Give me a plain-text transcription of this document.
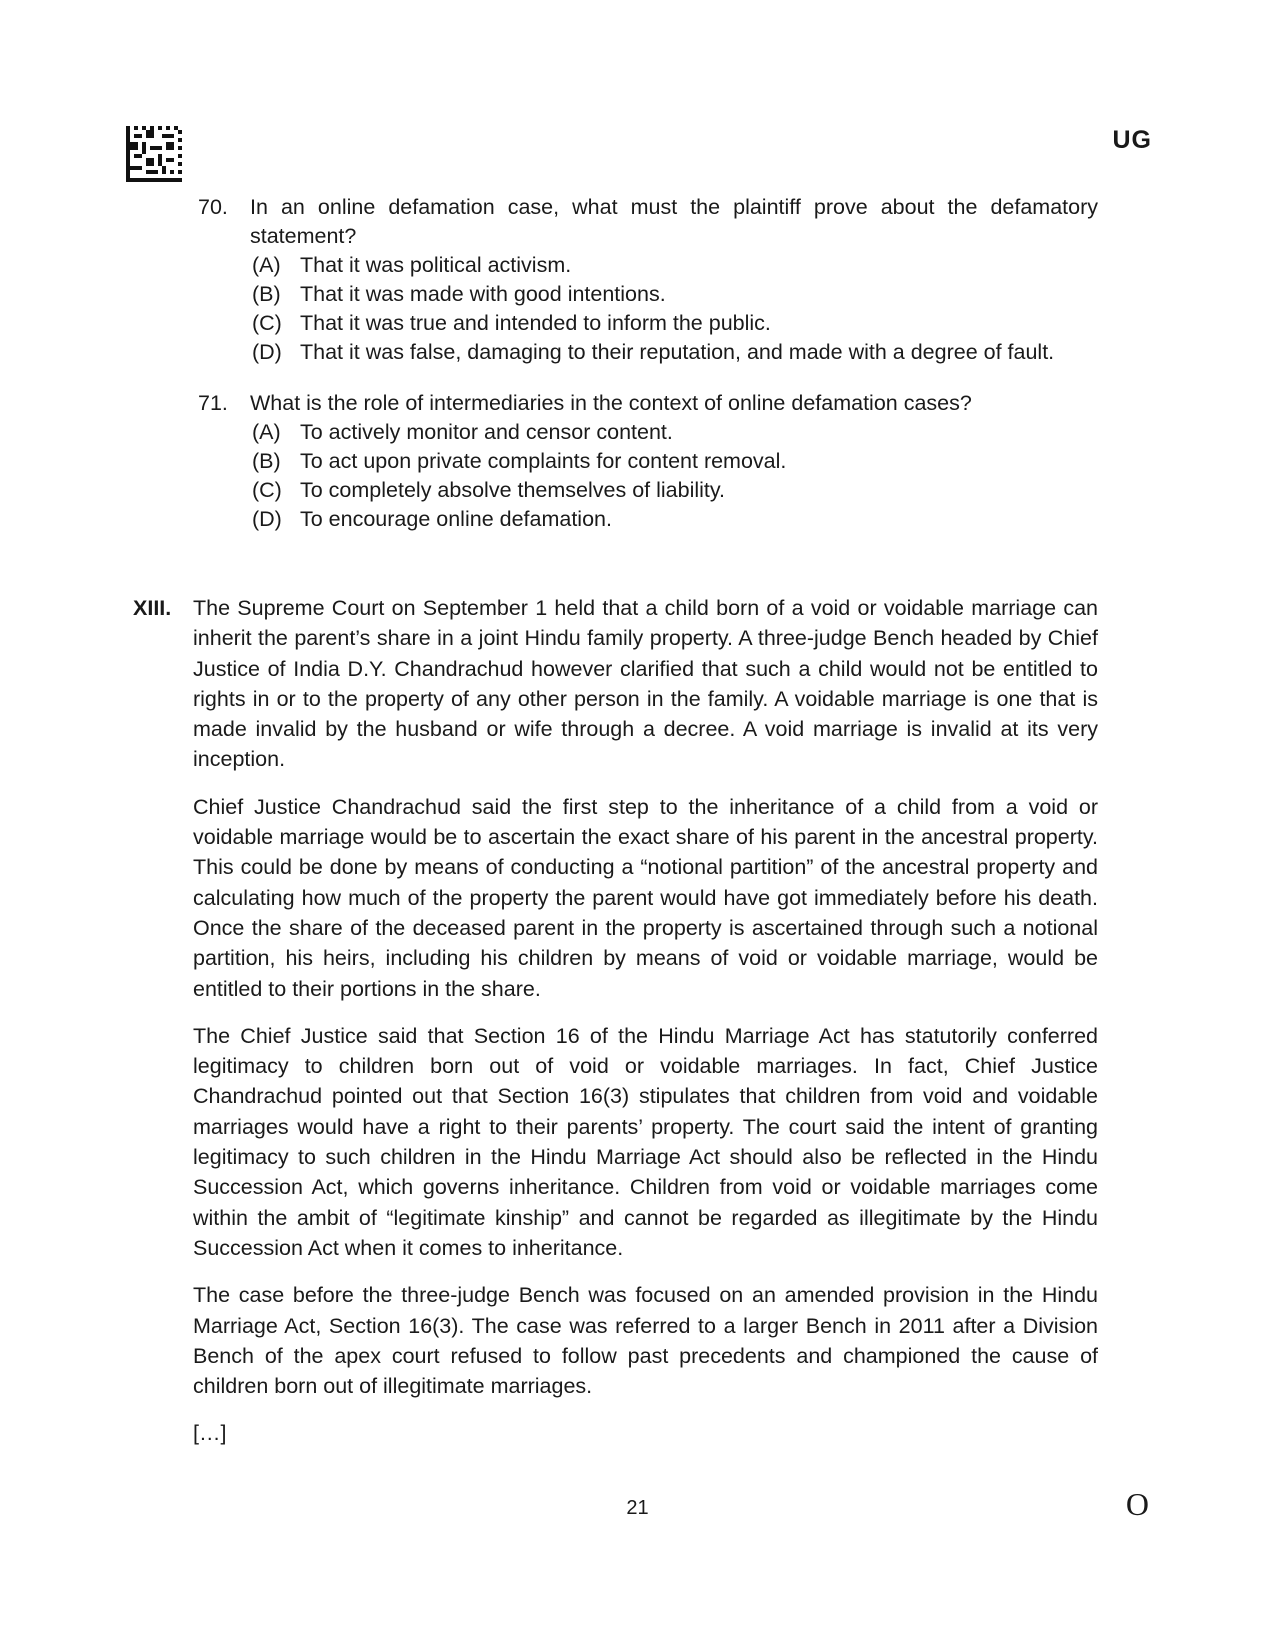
UG
70.	In an online defamation case, what must the plaintiff prove about the defamatory statement?
(A) That it was political activism.
(B) That it was made with good intentions.
(C) That it was true and intended to inform the public.
(D) That it was false, damaging to their reputation, and made with a degree of fault.
71.	What is the role of intermediaries in the context of online defamation cases?
(A) To actively monitor and censor content.
(B) To act upon private complaints for content removal.
(C) To completely absolve themselves of liability.
(D) To encourage online defamation.
XIII. The Supreme Court on September 1 held that a child born of a void or voidable marriage can inherit the parent’s share in a joint Hindu family property. A three-judge Bench headed by Chief Justice of India D.Y. Chandrachud however clarified that such a child would not be entitled to rights in or to the property of any other person in the family. A voidable marriage is one that is made invalid by the husband or wife through a decree. A void marriage is invalid at its very inception.

Chief Justice Chandrachud said the first step to the inheritance of a child from a void or voidable marriage would be to ascertain the exact share of his parent in the ancestral property. This could be done by means of conducting a “notional partition” of the ancestral property and calculating how much of the property the parent would have got immediately before his death. Once the share of the deceased parent in the property is ascertained through such a notional partition, his heirs, including his children by means of void or voidable marriage, would be entitled to their portions in the share.

The Chief Justice said that Section 16 of the Hindu Marriage Act has statutorily conferred legitimacy to children born out of void or voidable marriages. In fact, Chief Justice Chandrachud pointed out that Section 16(3) stipulates that children from void and voidable marriages would have a right to their parents’ property. The court said the intent of granting legitimacy to such children in the Hindu Marriage Act should also be reflected in the Hindu Succession Act, which governs inheritance. Children from void or voidable marriages come within the ambit of “legitimate kinship” and cannot be regarded as illegitimate by the Hindu Succession Act when it comes to inheritance.

The case before the three-judge Bench was focused on an amended provision in the Hindu Marriage Act, Section 16(3). The case was referred to a larger Bench in 2011 after a Division Bench of the apex court refused to follow past precedents and championed the cause of children born out of illegitimate marriages.

[…]

21	O
